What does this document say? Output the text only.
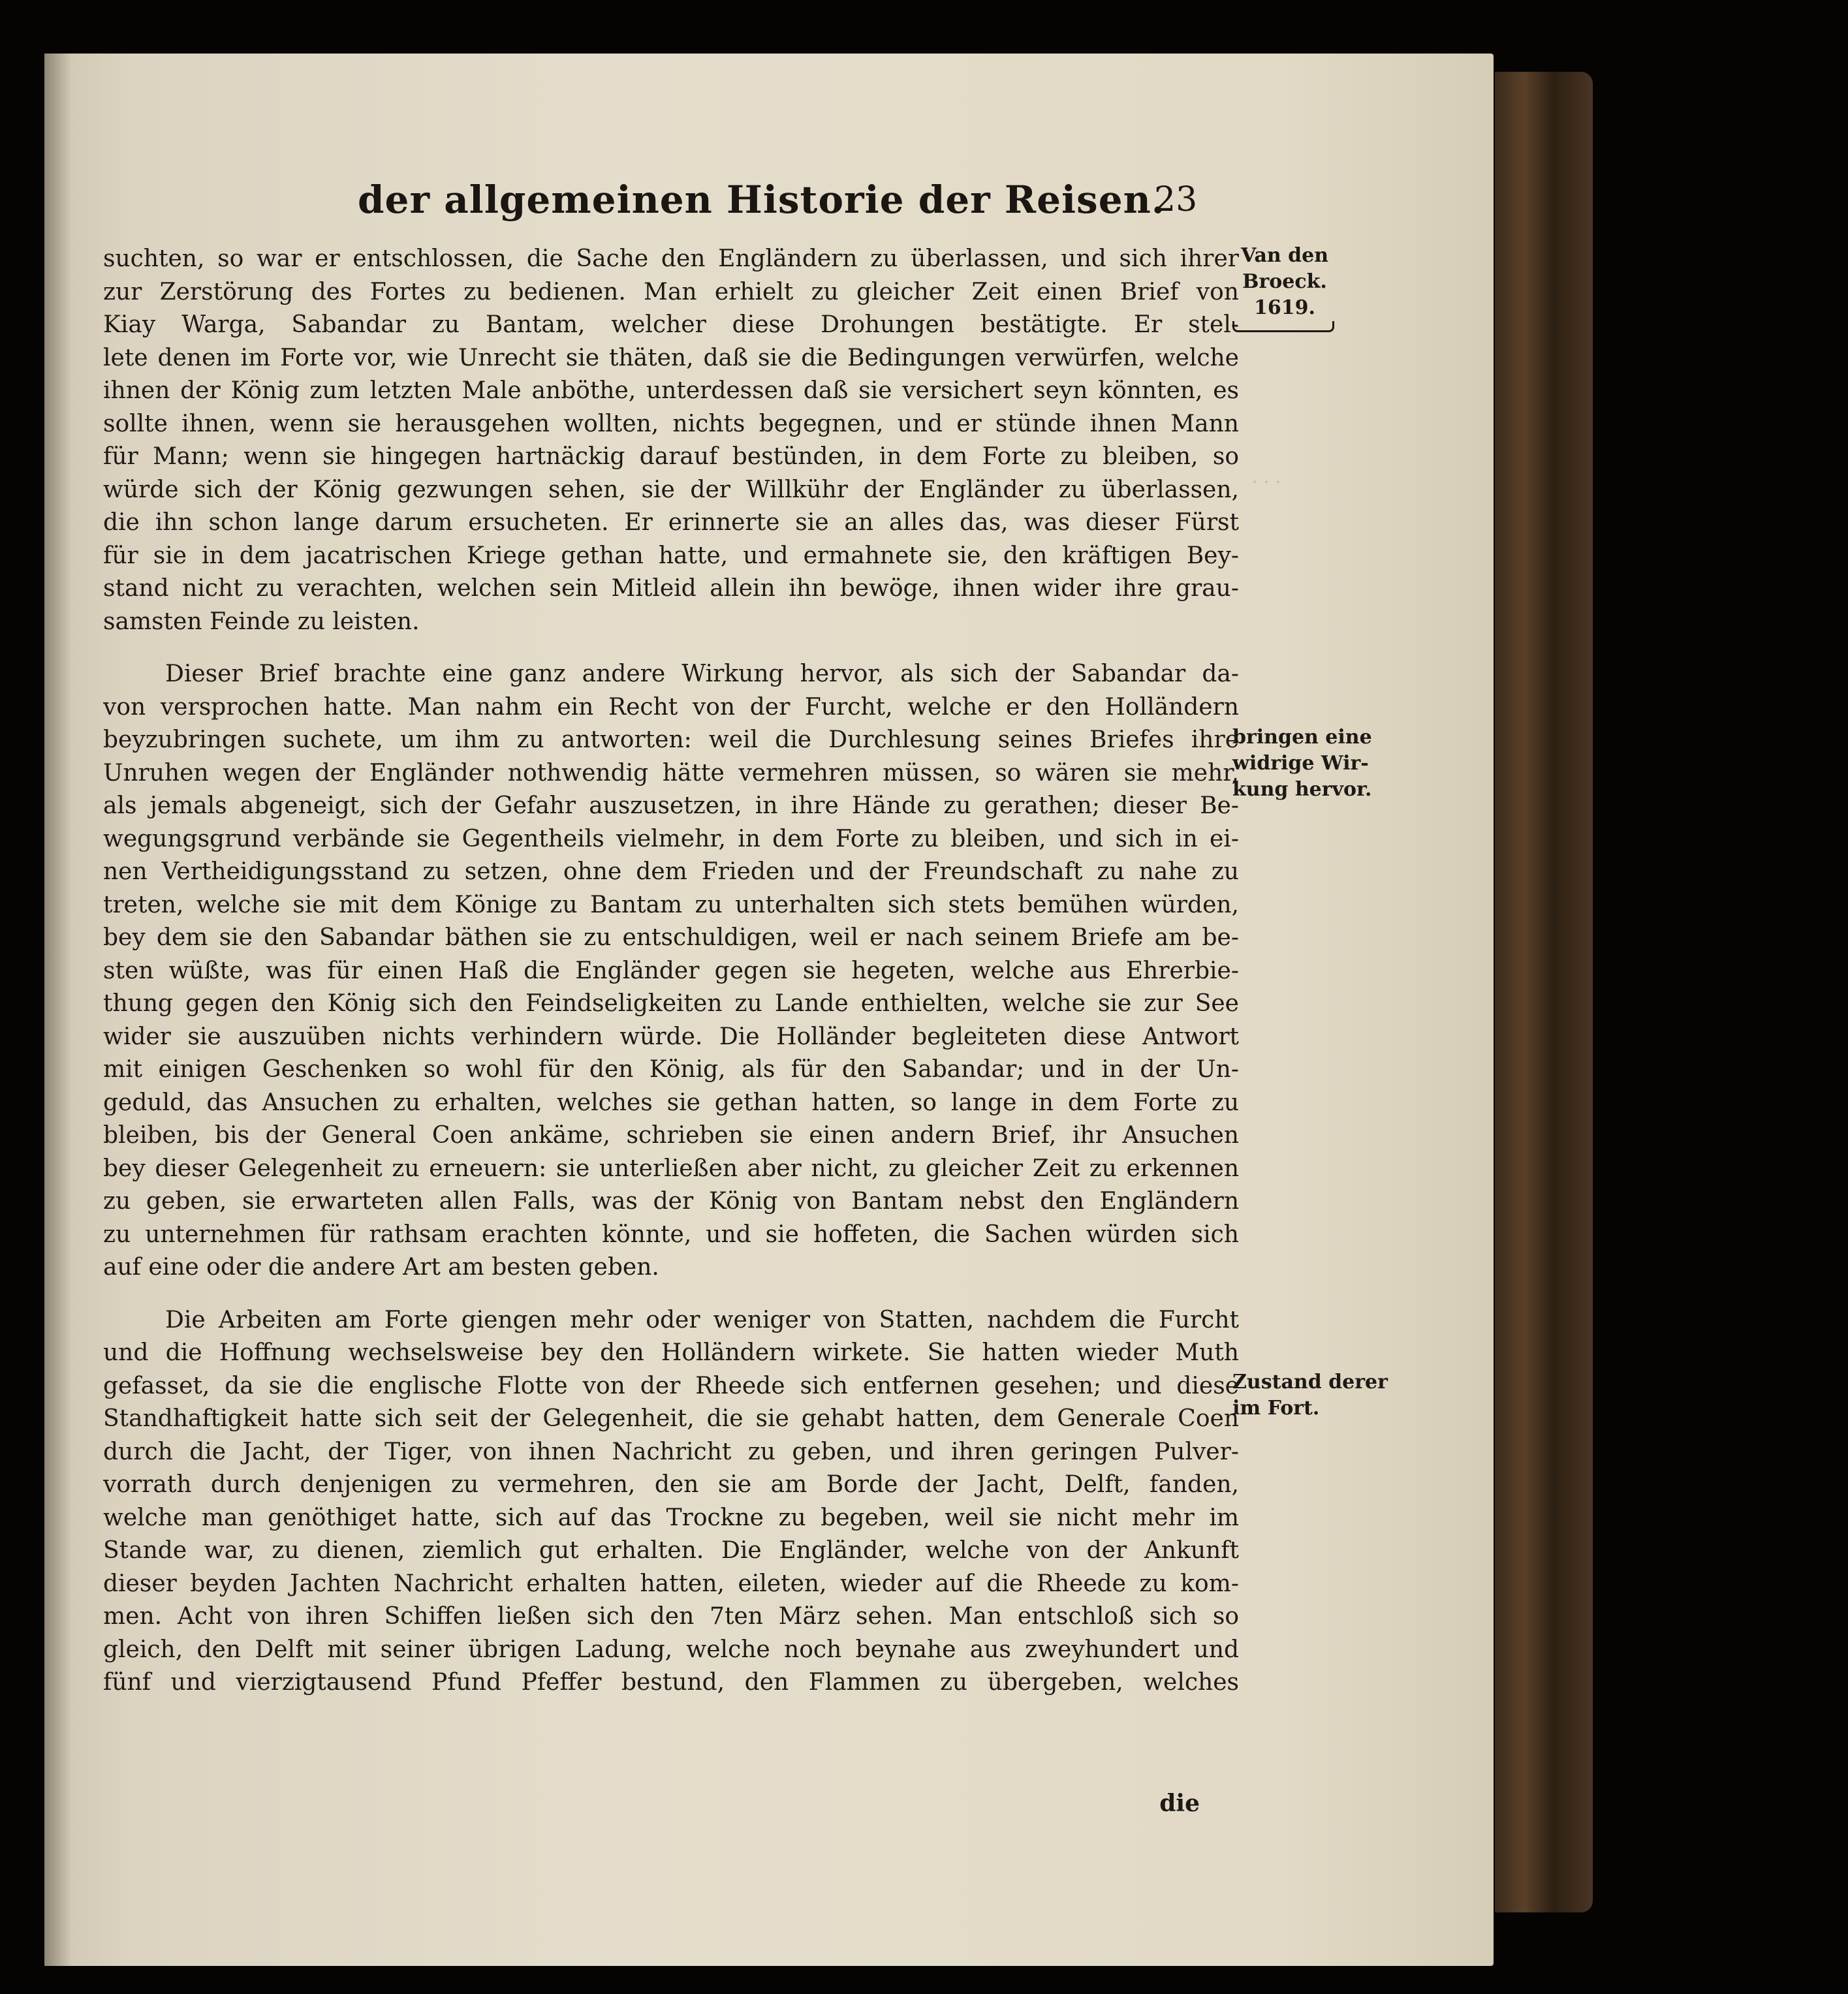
der allgemeinen Historie der Reisen.
23
· · ·
suchten, so war er entschlossen, die Sache den Engländern zu überlassen, und sich ihrer
zur Zerstörung des Fortes zu bedienen. Man erhielt zu gleicher Zeit einen Brief von
Kiay Warga, Sabandar zu Bantam, welcher diese Drohungen bestätigte. Er stel-
lete denen im Forte vor, wie Unrecht sie thäten, daß sie die Bedingungen verwürfen, welche
ihnen der König zum letzten Male anböthe, unterdessen daß sie versichert seyn könnten, es
sollte ihnen, wenn sie herausgehen wollten, nichts begegnen, und er stünde ihnen Mann
für Mann; wenn sie hingegen hartnäckig darauf bestünden, in dem Forte zu bleiben, so
würde sich der König gezwungen sehen, sie der Willkühr der Engländer zu überlassen,
die ihn schon lange darum ersucheten. Er erinnerte sie an alles das, was dieser Fürst
für sie in dem jacatrischen Kriege gethan hatte, und ermahnete sie, den kräftigen Bey-
stand nicht zu verachten, welchen sein Mitleid allein ihn bewöge, ihnen wider ihre grau-
samsten Feinde zu leisten.
Dieser Brief brachte eine ganz andere Wirkung hervor, als sich der Sabandar da-
von versprochen hatte. Man nahm ein Recht von der Furcht, welche er den Holländern
beyzubringen suchete, um ihm zu antworten: weil die Durchlesung seines Briefes ihre
Unruhen wegen der Engländer nothwendig hätte vermehren müssen, so wären sie mehr,
als jemals abgeneigt, sich der Gefahr auszusetzen, in ihre Hände zu gerathen; dieser Be-
wegungsgrund verbände sie Gegentheils vielmehr, in dem Forte zu bleiben, und sich in ei-
nen Vertheidigungsstand zu setzen, ohne dem Frieden und der Freundschaft zu nahe zu
treten, welche sie mit dem Könige zu Bantam zu unterhalten sich stets bemühen würden,
bey dem sie den Sabandar bäthen sie zu entschuldigen, weil er nach seinem Briefe am be-
sten wüßte, was für einen Haß die Engländer gegen sie hegeten, welche aus Ehrerbie-
thung gegen den König sich den Feindseligkeiten zu Lande enthielten, welche sie zur See
wider sie auszuüben nichts verhindern würde. Die Holländer begleiteten diese Antwort
mit einigen Geschenken so wohl für den König, als für den Sabandar; und in der Un-
geduld, das Ansuchen zu erhalten, welches sie gethan hatten, so lange in dem Forte zu
bleiben, bis der General Coen ankäme, schrieben sie einen andern Brief, ihr Ansuchen
bey dieser Gelegenheit zu erneuern: sie unterließen aber nicht, zu gleicher Zeit zu erkennen
zu geben, sie erwarteten allen Falls, was der König von Bantam nebst den Engländern
zu unternehmen für rathsam erachten könnte, und sie hoffeten, die Sachen würden sich
auf eine oder die andere Art am besten geben.
Die Arbeiten am Forte giengen mehr oder weniger von Statten, nachdem die Furcht
und die Hoffnung wechselsweise bey den Holländern wirkete. Sie hatten wieder Muth
gefasset, da sie die englische Flotte von der Rheede sich entfernen gesehen; und diese
Standhaftigkeit hatte sich seit der Gelegenheit, die sie gehabt hatten, dem Generale Coen
durch die Jacht, der Tiger, von ihnen Nachricht zu geben, und ihren geringen Pulver-
vorrath durch denjenigen zu vermehren, den sie am Borde der Jacht, Delft, fanden,
welche man genöthiget hatte, sich auf das Trockne zu begeben, weil sie nicht mehr im
Stande war, zu dienen, ziemlich gut erhalten. Die Engländer, welche von der Ankunft
dieser beyden Jachten Nachricht erhalten hatten, eileten, wieder auf die Rheede zu kom-
men. Acht von ihren Schiffen ließen sich den 7ten März sehen. Man entschloß sich so
gleich, den Delft mit seiner übrigen Ladung, welche noch beynahe aus zweyhundert und
fünf und vierzigtausend Pfund Pfeffer bestund, den Flammen zu übergeben, welches
die
Van den
Broeck.
1619.
bringen eine
widrige Wir-
kung hervor.
Zustand derer
im Fort.
